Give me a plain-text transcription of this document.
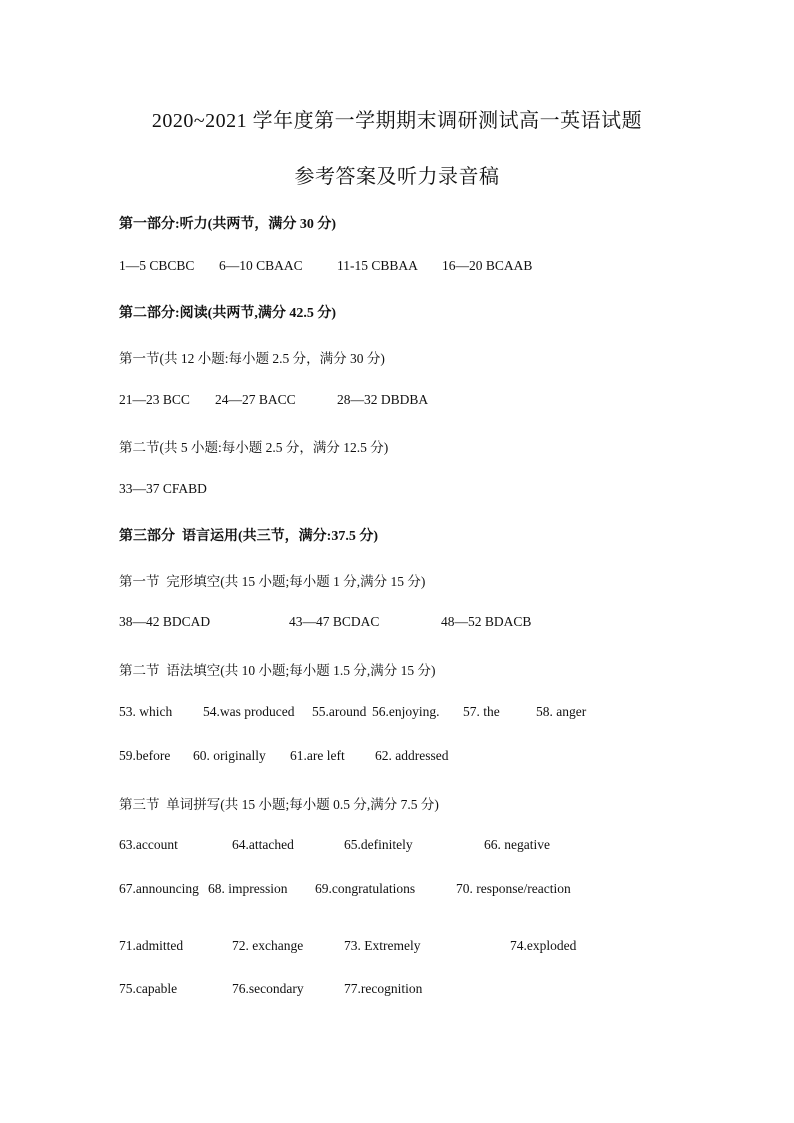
2020~2021 学年度第一学期期末调研测试高一英语试题
参考答案及听力录音稿
第一部分:听力(共两节，满分 30 分)
1—5 CBCBC 6—10 CBAAC	11-15 CBBAA 16—20 BCAAB
第二部分:阅读(共两节,满分 42.5 分)
第一节(共 12 小题:每小题 2.5 分，满分 30 分)
21—23 BCC 24—27 BACC	28—32 DBDBA
第二节(共 5 小题:每小题 2.5 分，满分 12.5 分)
33—37 CFABD
第三部分  语言运用(共三节，满分:37.5 分)
第一节  完形填空(共 15 小题;每小题 1 分,满分 15 分)
38—42 BDCAD	43—47 BCDAC	48—52 BDACB
第二节  语法填空(共 10 小题;每小题 1.5 分,满分 15 分)
53. which 54.was produced 55.around 56.enjoying. 57. the	58. anger
59.before 60. originally 61.are left 62. addressed
第三节  单词拼写(共 15 小题;每小题 0.5 分,满分 7.5 分)
63.account	64.attached	65.definitely	66. negative
67.announcing 68. impression 69.congratulations	70. response/reaction
71.admitted	72. exchange	73. Extremely	74.exploded
75.capable	76.secondary	77.recognition
